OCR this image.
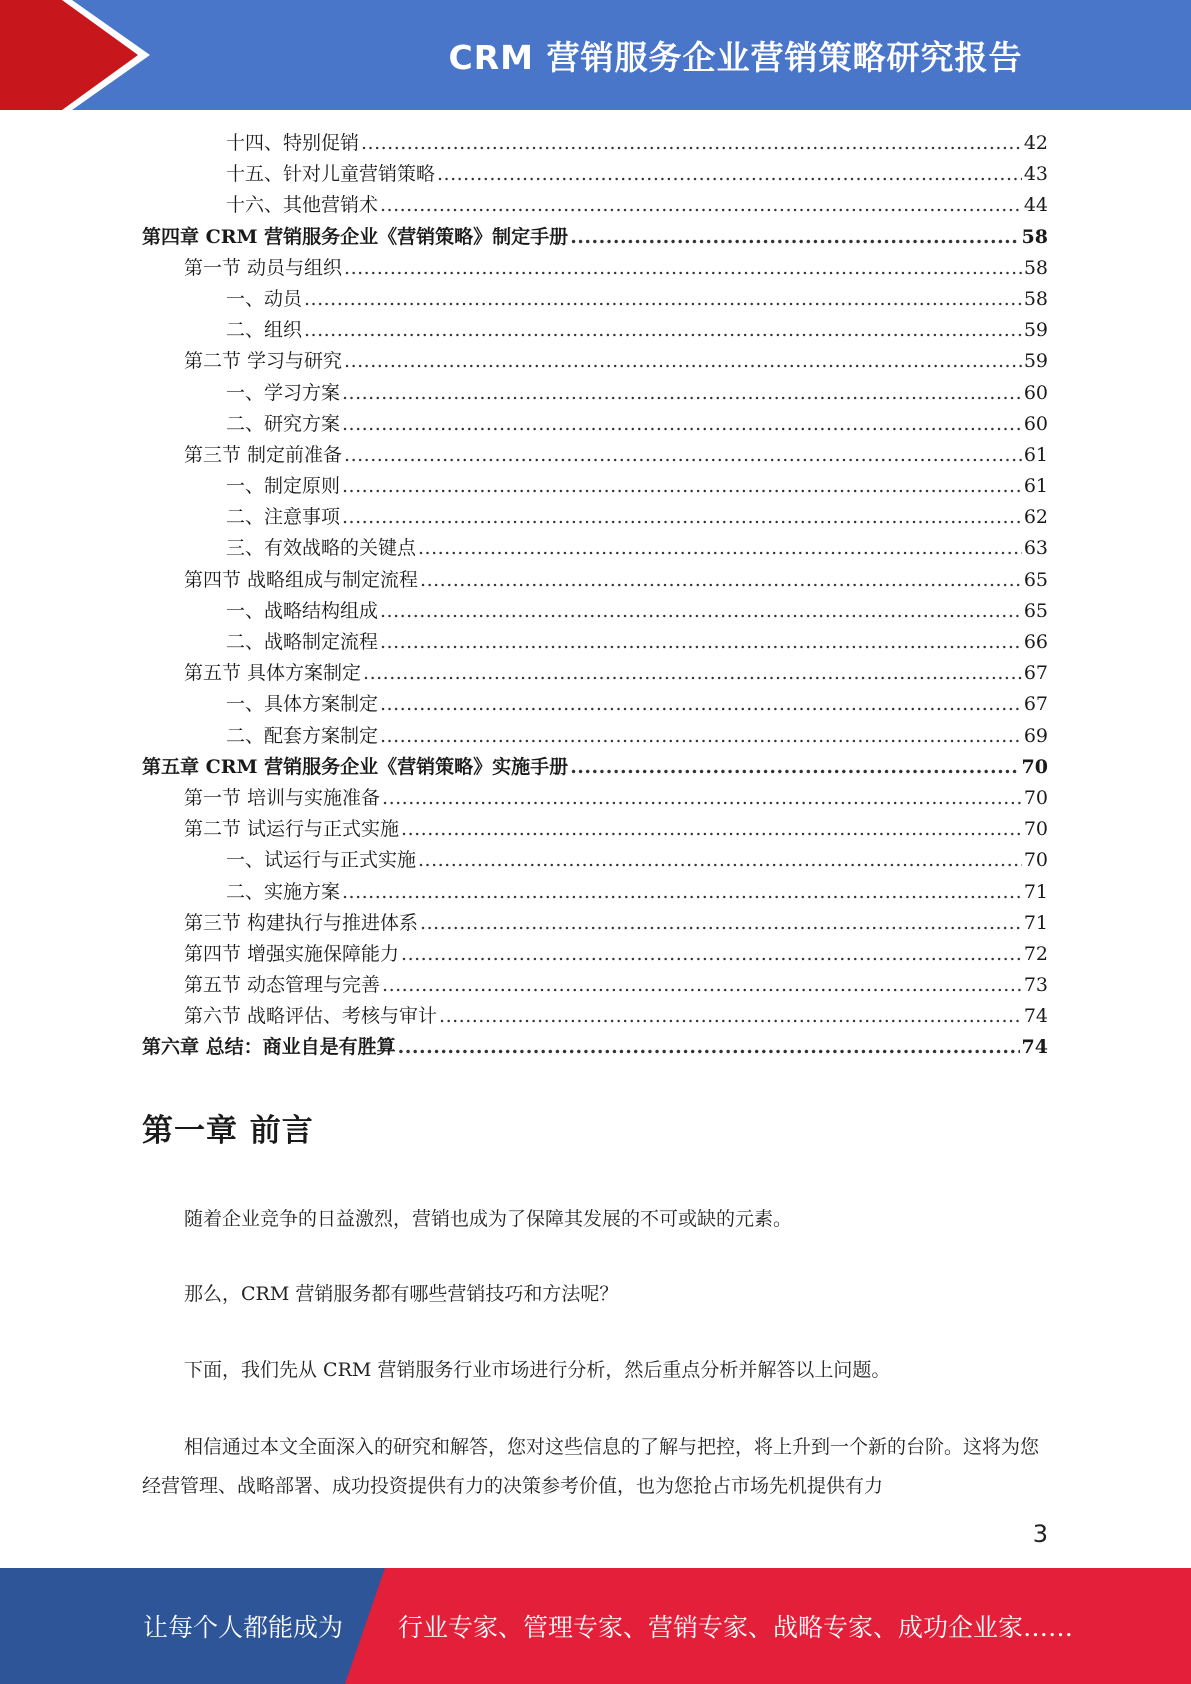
CRM 营销服务企业营销策略研究报告
十四、特别促销 .....	42
十五、针对儿童营销策略 .....	43
十六、其他营销术 .....	44
第四章 CRM 营销服务企业《营销策略》制定手册 .....	58
第一节 动员与组织 .....	58
一、动员 .....	58
二、组织 .....	59
第二节 学习与研究 .....	59
一、学习方案 .....	60
二、研究方案 .....	60
第三节 制定前准备 .....	61
一、制定原则 .....	61
二、注意事项 .....	62
三、有效战略的关键点 .....	63
第四节 战略组成与制定流程 .....	65
一、战略结构组成 .....	65
二、战略制定流程 .....	66
第五节 具体方案制定 .....	67
一、具体方案制定 .....	67
二、配套方案制定 .....	69
第五章 CRM 营销服务企业《营销策略》实施手册 .....	70
第一节 培训与实施准备 .....	70
第二节 试运行与正式实施 .....	70
一、试运行与正式实施 .....	70
二、实施方案 .....	71
第三节 构建执行与推进体系 .....	71
第四节 增强实施保障能力 .....	72
第五节 动态管理与完善 .....	73
第六节 战略评估、考核与审计 .....	74
第六章 总结：商业自是有胜算 .....	74
第一章 前言
随着企业竞争的日益激烈，营销也成为了保障其发展的不可或缺的元素。
那么，CRM 营销服务都有哪些营销技巧和方法呢？
下面，我们先从 CRM 营销服务行业市场进行分析，然后重点分析并解答以上问题。
相信通过本文全面深入的研究和解答，您对这些信息的了解与把控，将上升到一个新的台阶。这将为您经营管理、战略部署、成功投资提供有力的决策参考价值，也为您抢占市场先机提供有力
3
让每个人都能成为 行业专家、管理专家、营销专家、战略专家、成功企业家……
